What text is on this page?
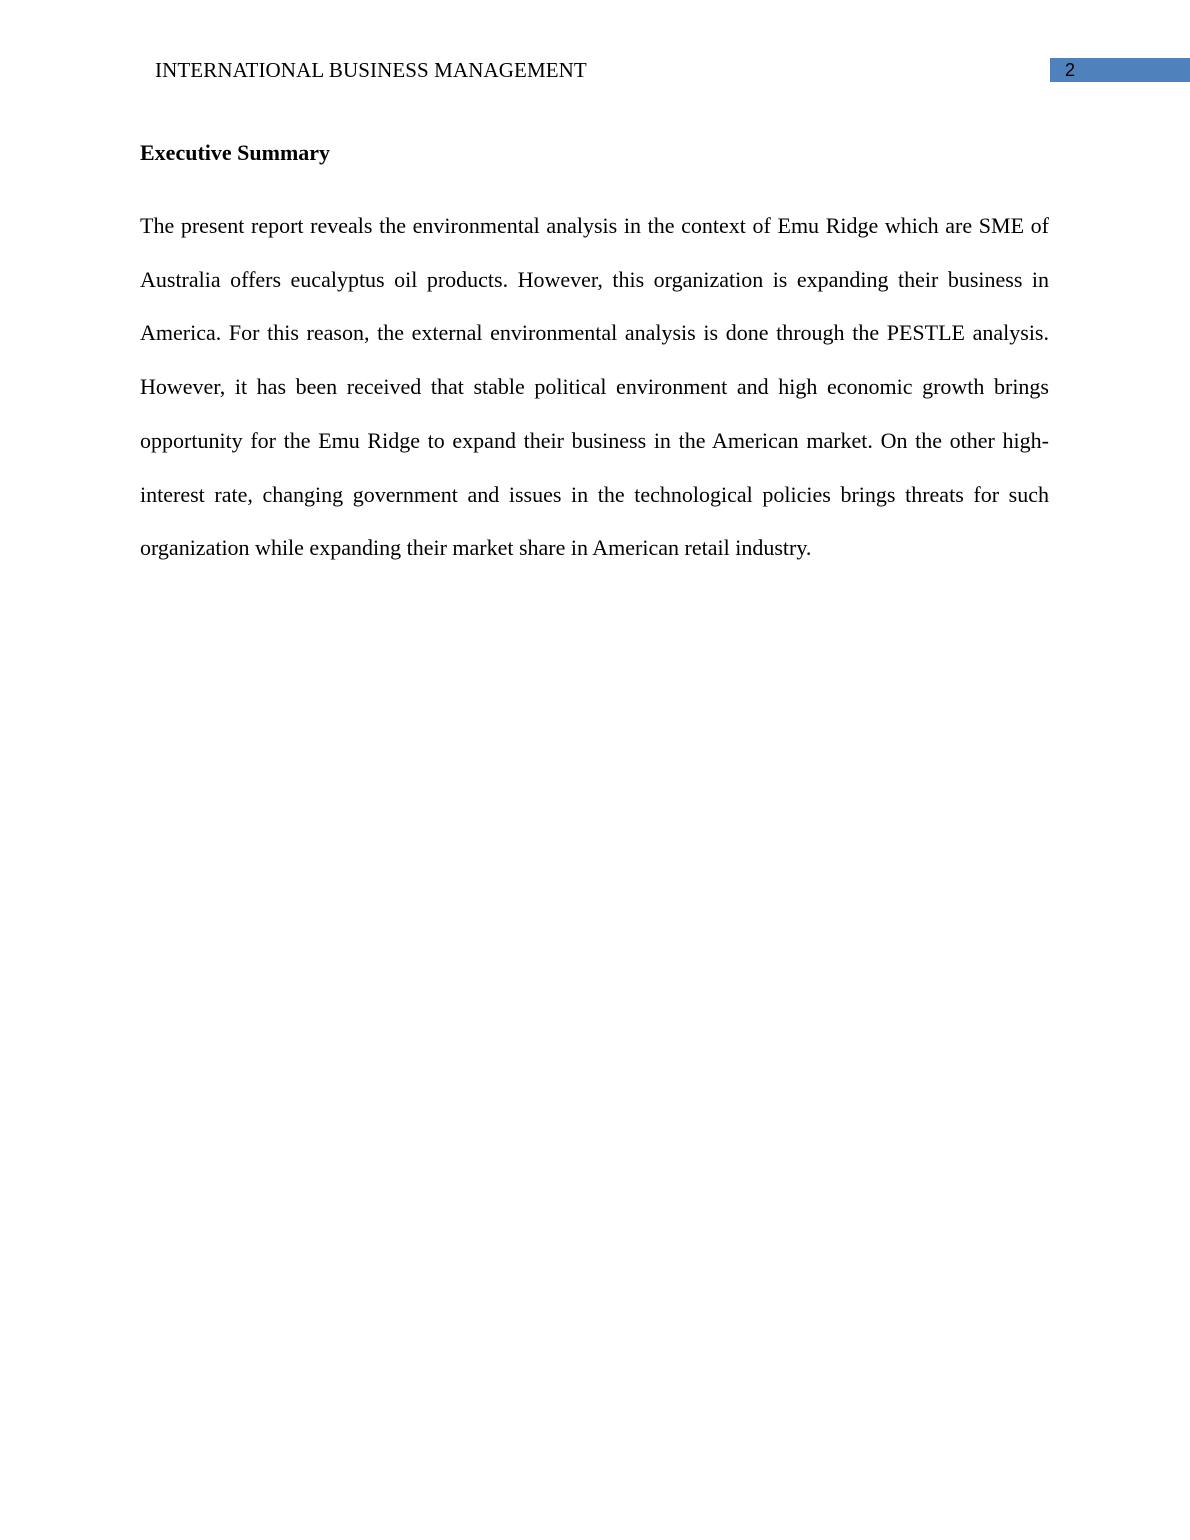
INTERNATIONAL BUSINESS MANAGEMENT	2
Executive Summary

The present report reveals the environmental analysis in the context of Emu Ridge which are SME of Australia offers eucalyptus oil products. However, this organization is expanding their business in America. For this reason, the external environmental analysis is done through the PESTLE analysis. However, it has been received that stable political environment and high economic growth brings opportunity for the Emu Ridge to expand their business in the American market. On the other high-interest rate, changing government and issues in the technological policies brings threats for such organization while expanding their market share in American retail industry.
